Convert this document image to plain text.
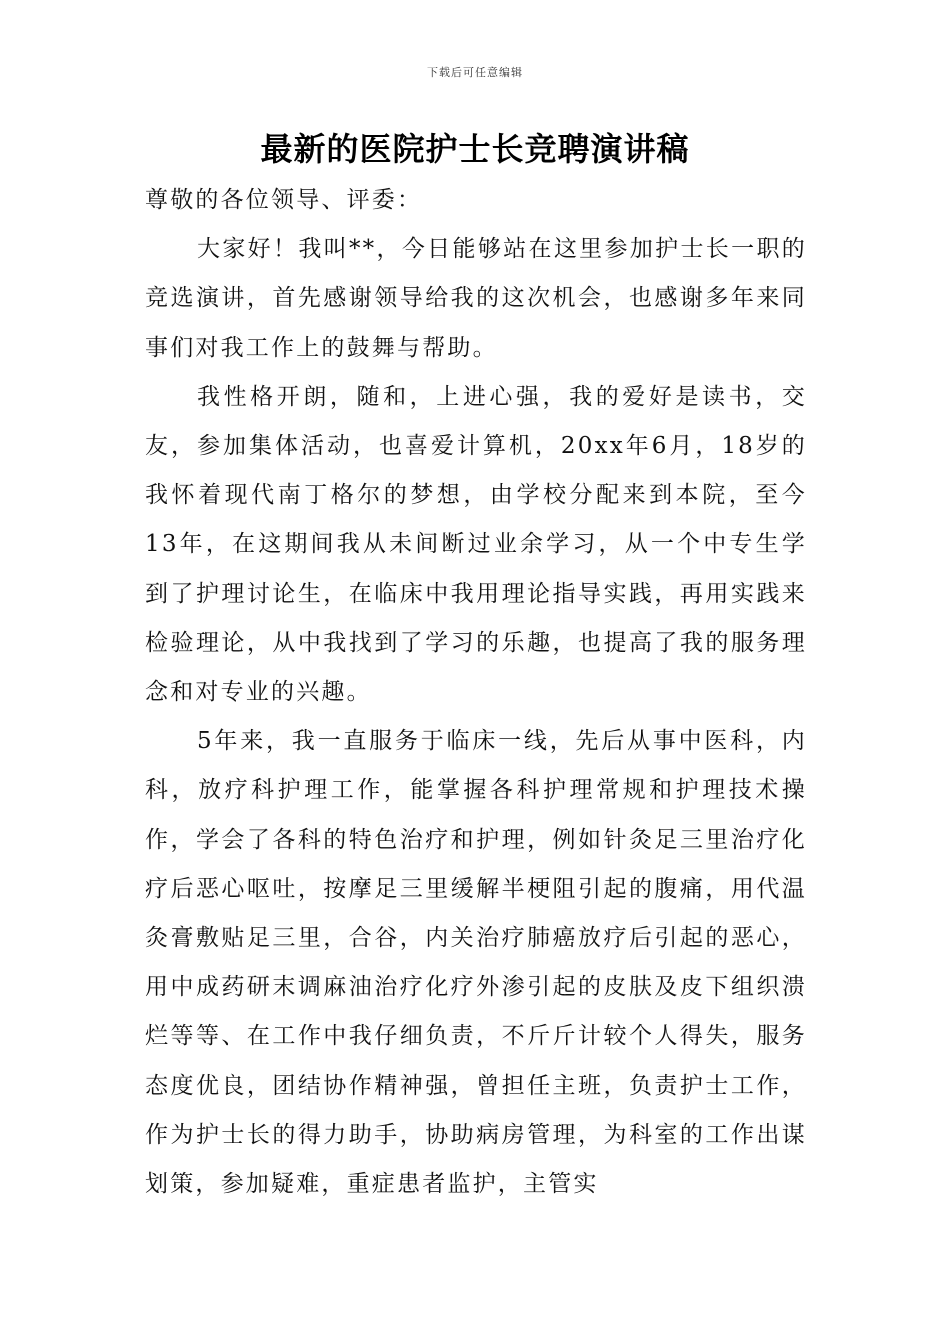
下载后可任意编辑
最新的医院护士长竞聘演讲稿

尊敬的各位领导、评委：

大家好！我叫**，今日能够站在这里参加护士长一职的竞选演讲，首先感谢领导给我的这次机会，也感谢多年来同事们对我工作上的鼓舞与帮助。

我性格开朗，随和，上进心强，我的爱好是读书，交友，参加集体活动，也喜爱计算机，20xx年6月，18岁的我怀着现代南丁格尔的梦想，由学校分配来到本院，至今13年，在这期间我从未间断过业余学习，从一个中专生学到了护理讨论生，在临床中我用理论指导实践，再用实践来检验理论，从中我找到了学习的乐趣，也提高了我的服务理念和对专业的兴趣。

5年来，我一直服务于临床一线，先后从事中医科，内科，放疗科护理工作，能掌握各科护理常规和护理技术操作，学会了各科的特色治疗和护理，例如针灸足三里治疗化疗后恶心呕吐，按摩足三里缓解半梗阻引起的腹痛，用代温灸膏敷贴足三里，合谷，内关治疗肺癌放疗后引起的恶心，用中成药研末调麻油治疗化疗外渗引起的皮肤及皮下组织溃烂等等、在工作中我仔细负责，不斤斤计较个人得失，服务态度优良，团结协作精神强，曾担任主班，负责护士工作，作为护士长的得力助手，协助病房管理，为科室的工作出谋划策，参加疑难，重症患者监护，主管实
